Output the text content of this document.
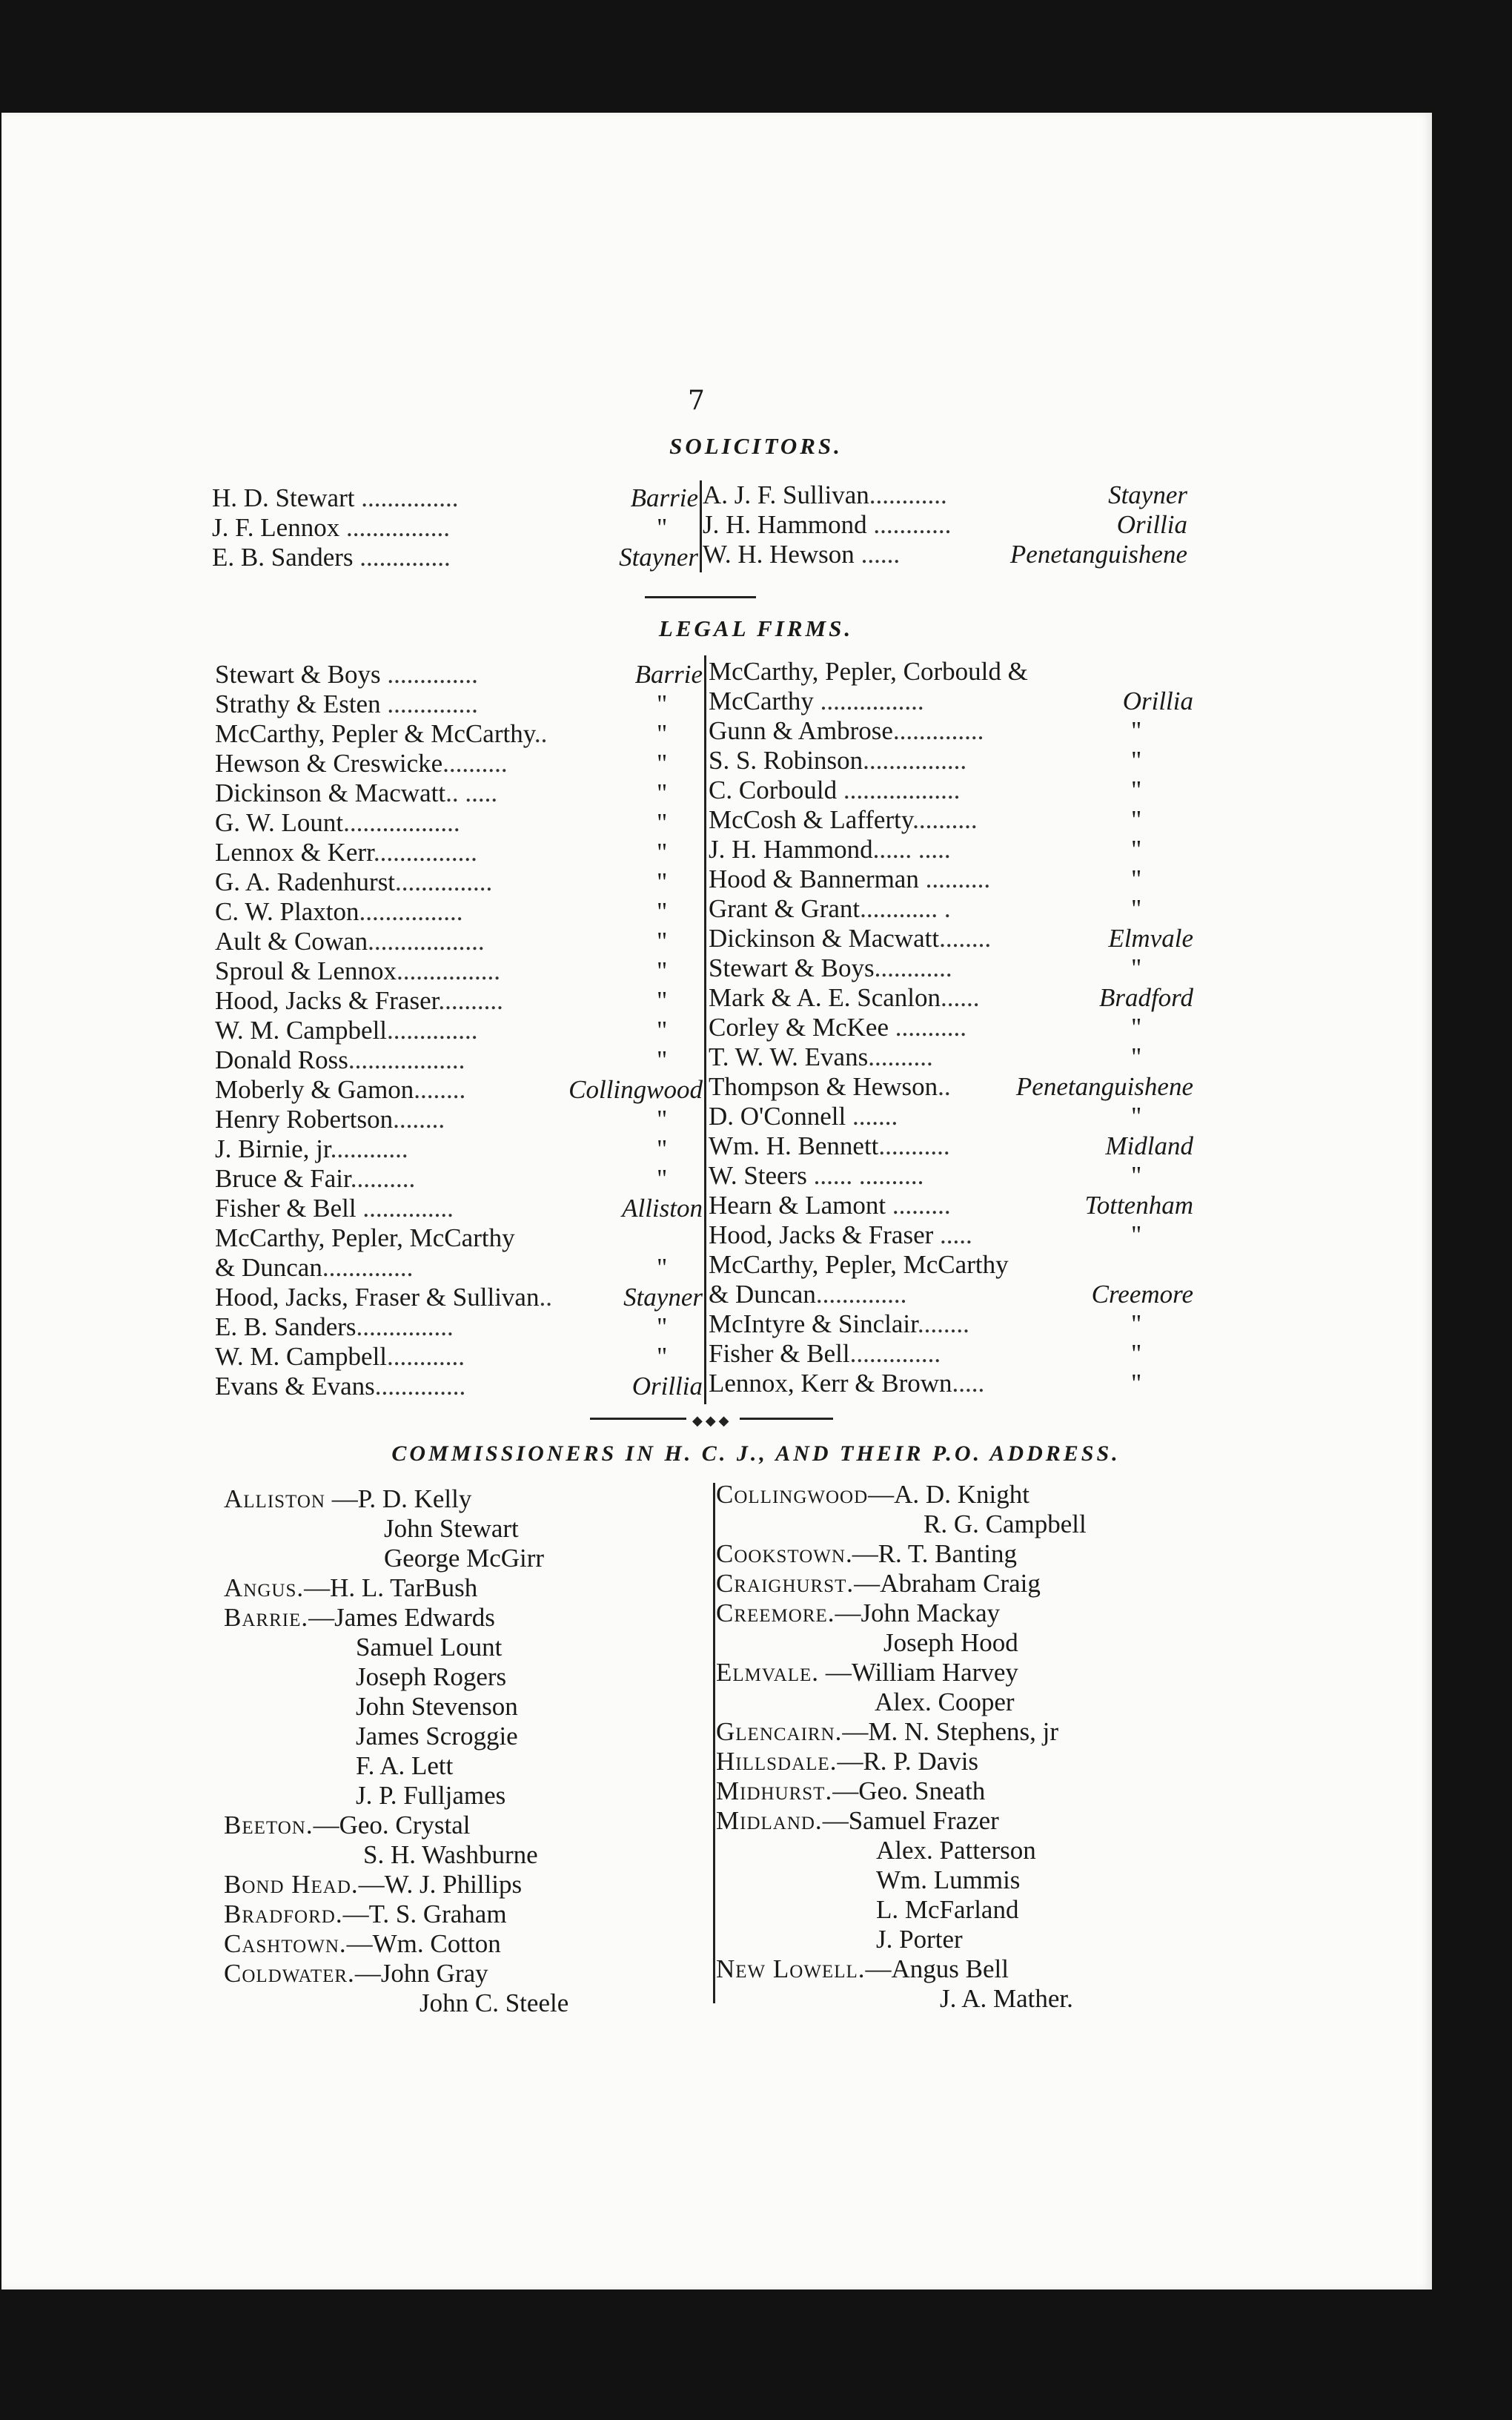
7
SOLICITORS.
H. D. Stewart ...............	Barrie
J. F. Lennox ................	"
E. B. Sanders ..............	Stayner
A. J. F. Sullivan............	Stayner
J. H. Hammond ............	Orillia
W. H. Hewson ......	Penetanguishene
LEGAL FIRMS.
Stewart & Boys ..............	Barrie
Strathy & Esten ..............	"
McCarthy, Pepler & McCarthy..	"
Hewson & Creswicke..........	"
Dickinson & Macwatt.. .....	"
G. W. Lount..................	"
Lennox & Kerr................	"
G. A. Radenhurst...............	"
C. W. Plaxton................	"
Ault & Cowan..................	"
Sproul & Lennox................	"
Hood, Jacks & Fraser..........	"
W. M. Campbell..............	"
Donald Ross..................	"
Moberly & Gamon........	Collingwood
Henry Robertson........	"
J. Birnie, jr............	"
Bruce & Fair..........	"
Fisher & Bell ..............	Alliston
McCarthy, Pepler, McCarthy
& Duncan..............	"
Hood, Jacks, Fraser & Sullivan..	Stayner
E. B. Sanders...............	"
W. M. Campbell............	"
Evans & Evans..............	Orillia
McCarthy, Pepler, Corbould &
McCarthy ................	Orillia
Gunn & Ambrose..............	"
S. S. Robinson................	"
C. Corbould ..................	"
McCosh & Lafferty..........	"
J. H. Hammond...... .....	"
Hood & Bannerman ..........	"
Grant & Grant............ .	"
Dickinson & Macwatt........	Elmvale
Stewart & Boys............	"
Mark & A. E. Scanlon......	Bradford
Corley & McKee ...........	"
T. W. W. Evans..........	"
Thompson & Hewson..	Penetanguishene
D. O'Connell .......	"
Wm. H. Bennett...........	Midland
W. Steers ...... ..........	"
Hearn & Lamont .........	Tottenham
Hood, Jacks & Fraser .....	"
McCarthy, Pepler, McCarthy
& Duncan..............	Creemore
McIntyre & Sinclair........	"
Fisher & Bell..............	"
Lennox, Kerr & Brown.....	"
◆◆◆
COMMISSIONERS IN H. C. J., AND THEIR P.O. ADDRESS.
Alliston —P. D. Kelly
John Stewart
George McGirr
Angus.—H. L. TarBush
Barrie.—James Edwards
Samuel Lount
Joseph Rogers
John Stevenson
James Scroggie
F. A. Lett
J. P. Fulljames
Beeton.—Geo. Crystal
S. H. Washburne
Bond Head.—W. J. Phillips
Bradford.—T. S. Graham
Cashtown.—Wm. Cotton
Coldwater.—John Gray
John C. Steele
Collingwood—A. D. Knight
R. G. Campbell
Cookstown.—R. T. Banting
Craighurst.—Abraham Craig
Creemore.—John Mackay
Joseph Hood
Elmvale. —William Harvey
Alex. Cooper
Glencairn.—M. N. Stephens, jr
Hillsdale.—R. P. Davis
Midhurst.—Geo. Sneath
Midland.—Samuel Frazer
Alex. Patterson
Wm. Lummis
L. McFarland
J. Porter
New Lowell.—Angus Bell
J. A. Mather.
